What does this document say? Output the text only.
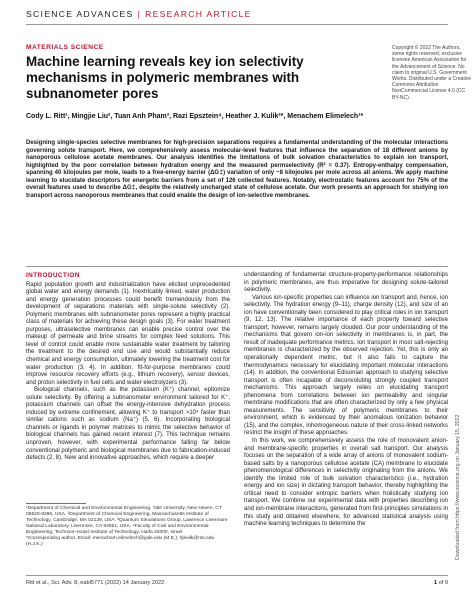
SCIENCE ADVANCES | RESEARCH ARTICLE
MATERIALS SCIENCE
Machine learning reveals key ion selectivity mechanisms in polymeric membranes with subnanometer pores
Cody L. Ritt¹, Mingjie Liu², Tuan Anh Pham³, Razi Epsztein⁴, Heather J. Kulik²*, Menachem Elimelech¹*
Copyright © 2022 The Authors, some rights reserved; exclusive licensee American Association for the Advancement of Science. No claim to original U.S. Government Works. Distributed under a Creative Commons Attribution NonCommercial License 4.0 (CC BY-NC).

Designing single-species selective membranes for high-precision separations requires a fundamental understanding of the molecular interactions governing solute transport. Here, we comprehensively assess molecular-level features that influence the separation of 18 different anions by nanoporous cellulose acetate membranes. Our analysis identifies the limitations of bulk solvation characteristics to explain ion transport, highlighted by the poor correlation between hydration energy and the measured permselectivity (R² = 0.37). Entropy-enthalpy compensation, spanning 40 kilojoules per mole, leads to a free-energy barrier (ΔG‡) variation of only ~8 kilojoules per mole across all anions. We apply machine learning to elucidate descriptors for energetic barriers from a set of 126 collected features. Notably, electrostatic features account for 75% of the overall features used to describe ΔG‡, despite the relatively uncharged state of cellulose acetate. Our work presents an approach for studying ion transport across nanoporous membranes that could enable the design of ion-selective membranes.

INTRODUCTION

Rapid population growth and industrialization have elicited unprecedented global water and energy demands (1). Inextricably linked, water production and energy generation processes could benefit tremendously from the development of separations materials with single-solute selectivity (2). Polymeric membranes with subnanometer pores represent a highly practical class of materials for achieving these design goals (3). For water treatment purposes, ultraselective membranes can enable precise control over the makeup of permeate and brine streams for complex feed solutions. This level of control could enable more sustainable water treatment by tailoring the treatment to the desired end use and would substantially reduce chemical and energy consumption, ultimately lowering the treatment cost for water production (3, 4). In addition, fit-for-purpose membranes could improve resource recovery efforts (e.g., lithium recovery), sensor devices, and proton selectivity in fuel cells and water electrolyzers (3).

Biological channels, such as the potassium (K⁺) channel, epitomize solute selectivity. By offering a subnanometer environment tailored for K⁺, potassium channels can offset the energy-intensive dehydration process induced by extreme confinement, allowing K⁺ to transport >10⁴ faster than similar cations such as sodium (Na⁺) (5, 6). Incorporating biological channels or ligands in polymer matrices to mimic the selective behavior of biological channels has gained recent interest (7). This technique remains unproven, however, with experimental performance falling far below conventional polymeric and biological membranes due to fabrication-induced defects (2, 8). New and innovative approaches, which require a deeper

understanding of fundamental structure-property-performance relationships in polymeric membranes, are thus imperative for designing solute-tailored selectivity.

Various ion-specific properties can influence ion transport and, hence, ion selectivity. The hydration energy (9–11), charge density (12), and size of an ion have conventionally been considered to play critical roles in ion transport (9, 12, 13). The relative importance of each property toward selective transport, however, remains largely clouded. Our poor understanding of the mechanisms that govern ion-ion selectivity in membranes is, in part, the result of inadequate performance metrics. Ion transport in most salt-rejecting membranes is characterized by the observed rejection. Yet, this is only an operationally dependent metric, but it also fails to capture the thermodynamics necessary for elucidating important molecular interactions (14). In addition, the conventional Edisonian approach to studying selective transport is often incapable of deconvoluting strongly coupled transport mechanisms. This approach largely relies on elucidating transport phenomena from correlations between ion permeability and singular membrane modifications that are often characterized by only a few physical measurements. The sensitivity of polymeric membranes to their environment, which is evidenced by their anomalous ionization behavior (15), and the complex, inhomogeneous nature of their cross-linked networks restrict the insight of these approaches.

In this work, we comprehensively assess the role of monovalent anion- and membrane-specific properties in overall salt transport. Our analysis focuses on the separation of a wide array of anions of monovalent sodium-based salts by a nanoporous cellulose acetate (CA) membrane to elucidate phenomenological differences in selectivity originating from the anions. We identify the limited role of bulk solvation characteristics (i.e., hydration energy and ion size) in dictating transport behavior, thereby highlighting the critical need to consider entropic barriers when holistically studying ion transport. We combine our experimental data with properties describing ion and ion-membrane interactions, generated from first-principles simulations in this study and obtained elsewhere, for advanced statistical analysis using machine learning techniques to determine the

¹Department of Chemical and Environmental Engineering, Yale University, New Haven, CT 06520-8286, USA. ²Department of Chemical Engineering, Massachusetts Institute of Technology, Cambridge, MA 02139, USA. ³Quantum Simulations Group, Lawrence Livermore National Laboratory, Livermore, CA 94551, USA. ⁴Faculty of Civil and Environmental Engineering, Technion–Israel Institute of Technology, Haifa 32000, Israel.

*Corresponding author. Email: menachem.elimelech@yale.edu (M.E.); hjkulik@mit.edu (H.J.K.)	Downloaded from https://www.science.org on January 15, 2022
Ritt et al., Sci. Adv. 8, eabl5771 (2022) 14 January 2022	1 of 9
